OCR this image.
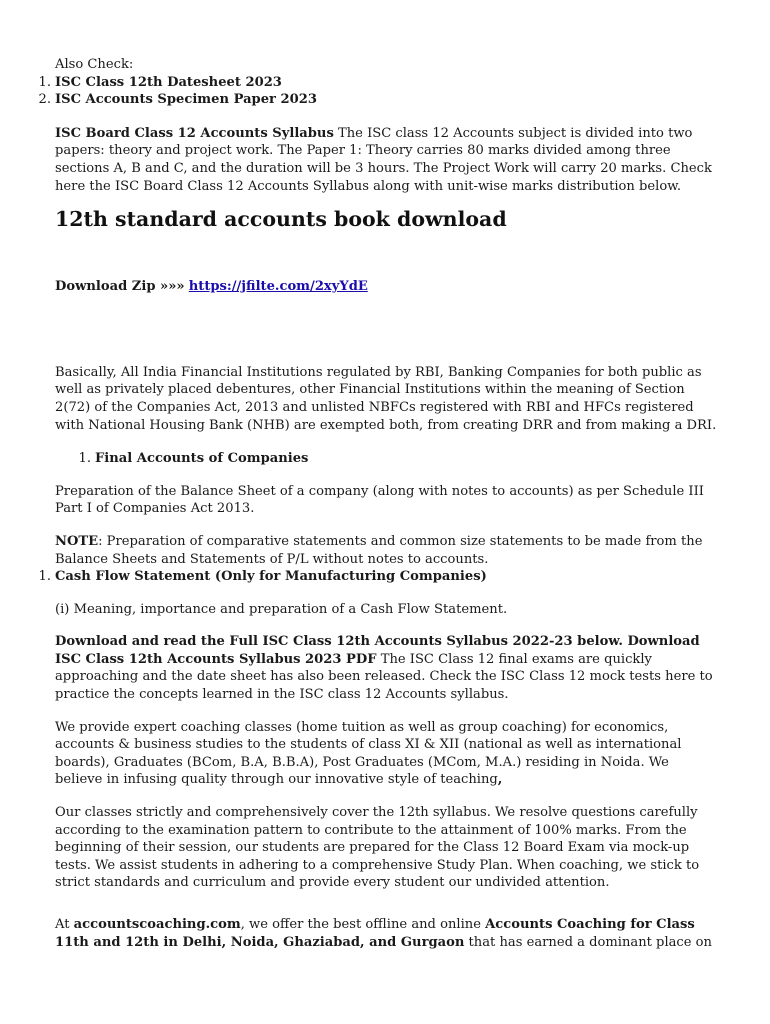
Also Check:

1. ISC Class 12th Datesheet 2023
2. ISC Accounts Specimen Paper 2023

ISC Board Class 12 Accounts Syllabus The ISC class 12 Accounts subject is divided into two papers: theory and project work. The Paper 1: Theory carries 80 marks divided among three sections A, B and C, and the duration will be 3 hours. The Project Work will carry 20 marks. Check here the ISC Board Class 12 Accounts Syllabus along with unit-wise marks distribution below.

12th standard accounts book download

Download Zip »»» https://jfilte.com/2xyYdE

Basically, All India Financial Institutions regulated by RBI, Banking Companies for both public as well as privately placed debentures, other Financial Institutions within the meaning of Section 2(72) of the Companies Act, 2013 and unlisted NBFCs registered with RBI and HFCs registered with National Housing Bank (NHB) are exempted both, from creating DRR and from making a DRI.

1. Final Accounts of Companies

Preparation of the Balance Sheet of a company (along with notes to accounts) as per Schedule III Part I of Companies Act 2013.

NOTE: Preparation of comparative statements and common size statements to be made from the Balance Sheets and Statements of P/L without notes to accounts.

1. Cash Flow Statement (Only for Manufacturing Companies)

(i) Meaning, importance and preparation of a Cash Flow Statement.

Download and read the Full ISC Class 12th Accounts Syllabus 2022-23 below. Download ISC Class 12th Accounts Syllabus 2023 PDF The ISC Class 12 final exams are quickly approaching and the date sheet has also been released. Check the ISC Class 12 mock tests here to practice the concepts learned in the ISC class 12 Accounts syllabus.

We provide expert coaching classes (home tuition as well as group coaching) for economics, accounts & business studies to the students of class XI & XII (national as well as international boards), Graduates (BCom, B.A, B.B.A), Post Graduates (MCom, M.A.) residing in Noida. We believe in infusing quality through our innovative style of teaching,

Our classes strictly and comprehensively cover the 12th syllabus. We resolve questions carefully according to the examination pattern to contribute to the attainment of 100% marks. From the beginning of their session, our students are prepared for the Class 12 Board Exam via mock-up tests. We assist students in adhering to a comprehensive Study Plan. When coaching, we stick to strict standards and curriculum and provide every student our undivided attention.

At accountscoaching.com, we offer the best offline and online Accounts Coaching for Class 11th and 12th in Delhi, Noida, Ghaziabad, and Gurgaon that has earned a dominant place on
